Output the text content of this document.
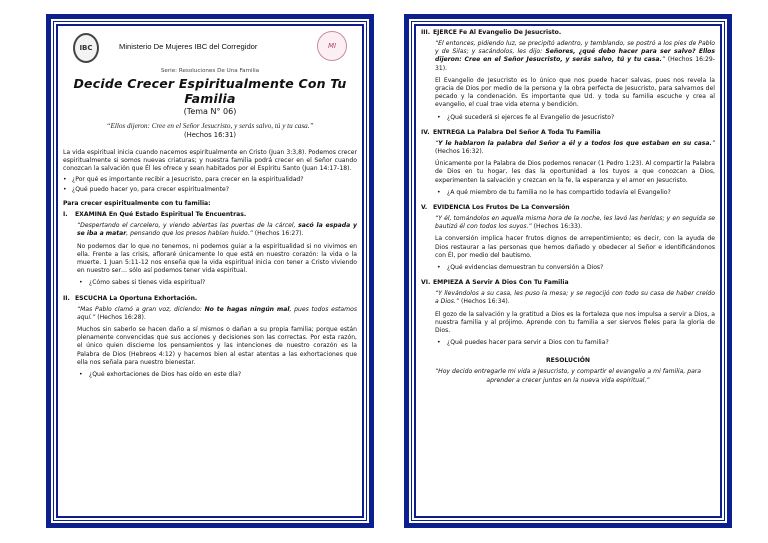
IBC	Ministerio De Mujeres IBC del Corregidor	MI
Serie: Resoluciones De Una Familia
Decide Crecer Espiritualmente Con Tu Familia
(Tema N° 06)
“Ellos dijeron: Cree en el Señor Jesucristo, y serás salvo, tú y tu casa.”
(Hechos 16:31)

La vida espiritual inicia cuando nacemos espiritualmente en Cristo (Juan 3:3,8). Podemos crecer espiritualmente si somos nuevas criaturas; y nuestra familia podrá crecer en el Señor cuando conozcan la salvación que Él les ofrece y sean habitados por el Espíritu Santo (Juan 14:17-18).

• ¿Por qué es importante recibir a Jesucristo, para crecer en la espiritualidad?
• ¿Qué puedo hacer yo, para crecer espiritualmente?

Para crecer espiritualmente con tu familia:

I. EXAMINA En Qué Estado Espiritual Te Encuentras.

“Despertando el carcelero, y viendo abiertas las puertas de la cárcel, sacó la espada y se iba a matar, pensando que los presos habían huido.” (Hechos 16:27).

No podemos dar lo que no tenemos, ni podemos guiar a la espiritualidad si no vivimos en ella. Frente a las crisis, afloraré únicamente lo que está en nuestro corazón: la vida o la muerte. 1 Juan 5:11-12 nos enseña que la vida espiritual inicia con tener a Cristo viviendo en nuestro ser… sólo así podemos tener vida espiritual.

• ¿Cómo sabes si tienes vida espiritual?
II. ESCUCHA La Oportuna Exhortación.

“Mas Pablo clamó a gran voz, diciendo: No te hagas ningún mal, pues todos estamos aquí.” (Hechos 16:28).

Muchos sin saberlo se hacen daño a sí mismos o dañan a su propia familia; porque están plenamente convencidas que sus acciones y decisiones son las correctas. Por esta razón, el único quien discierne los pensamientos y las intenciones de nuestro corazón es la Palabra de Dios (Hebreos 4:12) y hacemos bien al estar atentas a las exhortaciones que ella nos señala para nuestro bienestar.

• ¿Qué exhortaciones de Dios has oído en este día?
III. EJERCE Fe Al Evangelio De Jesucristo.

“El entonces, pidiendo luz, se precipitó adentro, y temblando, se postró a los pies de Pablo y de Silas; y sacándolos, les dijo: Señores, ¿qué debo hacer para ser salvo? Ellos dijeron: Cree en el Señor Jesucristo, y serás salvo, tú y tu casa.” (Hechos 16:29-31).

El Evangelio de Jesucristo es lo único que nos puede hacer salvas, pues nos revela la gracia de Dios por medio de la persona y la obra perfecta de Jesucristo, para salvarnos del pecado y la condenación. Es importante que Ud. y toda su familia escuche y crea al evangelio, el cual trae vida eterna y bendición.

• ¿Qué sucederá si ejerces fe al Evangelio de Jesucristo?
IV. ENTREGA La Palabra Del Señor A Toda Tu Familia

“Y le hablaron la palabra del Señor a él y a todos los que estaban en su casa.” (Hechos 16:32).

Únicamente por la Palabra de Dios podemos renacer (1 Pedro 1:23). Al compartir la Palabra de Dios en tu hogar, les das la oportunidad a los tuyos a que conozcan a Dios, experimenten la salvación y crezcan en la fe, la esperanza y el amor en Jesucristo.

• ¿A qué miembro de tu familia no le has compartido todavía el Evangelio?
V. EVIDENCIA Los Frutos De La Conversión

“Y él, tomándolos en aquella misma hora de la noche, les lavó las heridas; y en seguida se bautizó él con todos los suyos.” (Hechos 16:33).

La conversión implica hacer frutos dignos de arrepentimiento; es decir, con la ayuda de Dios restaurar a las personas que hemos dañado y obedecer al Señor e identificándonos con Él, por medio del bautismo.

• ¿Qué evidencias demuestran tu conversión a Dios?
VI. EMPIEZA A Servir A Dios Con Tu Familia

“Y llevándolos a su casa, les puso la mesa; y se regocijó con todo su casa de haber creído a Dios.” (Hechos 16:34).

El gozo de la salvación y la gratitud a Dios es la fortaleza que nos impulsa a servir a Dios, a nuestra familia y al prójimo. Aprende con tu familia a ser siervos fieles para la gloria de Dios.

• ¿Qué puedes hacer para servir a Dios con tu familia?
RESOLUCIÓN

“Hoy decido entregarle mi vida a Jesucristo, y compartir el evangelio a mi familia, para aprender a crecer juntos en la nueva vida espiritual.”
